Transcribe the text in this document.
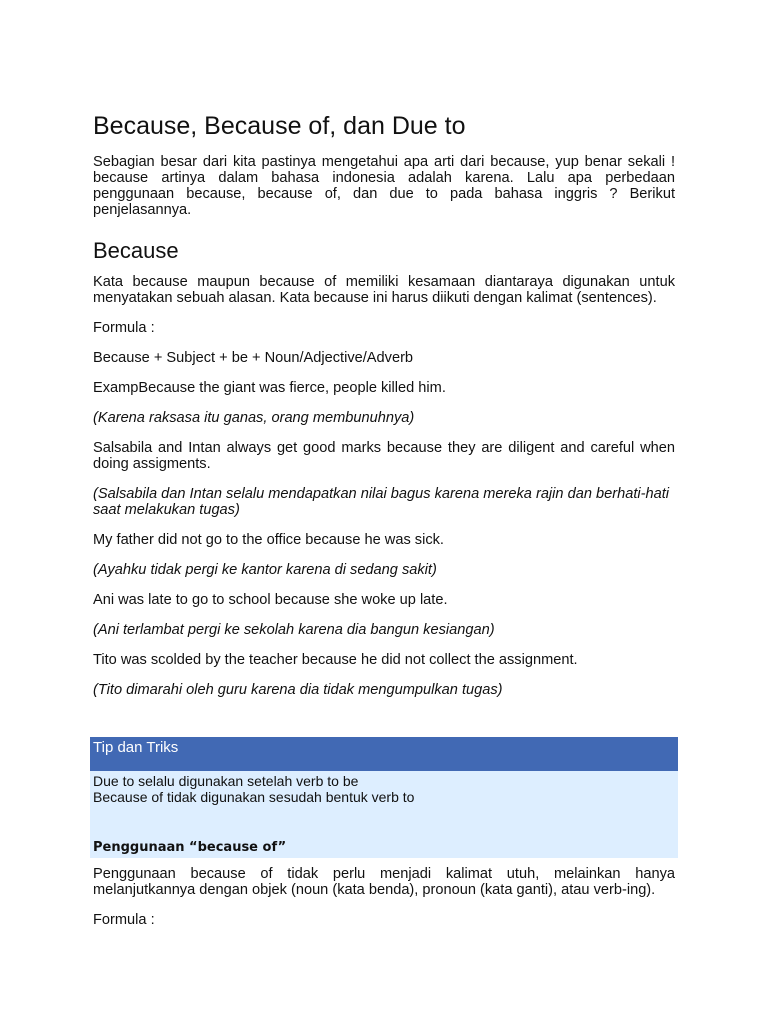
Because, Because of, dan Due to

Sebagian besar dari kita pastinya mengetahui apa arti dari because, yup benar sekali ! because artinya dalam bahasa indonesia adalah karena. Lalu apa perbedaan penggunaan because, because of, dan due to pada bahasa inggris ? Berikut penjelasannya.

Because

Kata because maupun because of memiliki kesamaan diantaraya digunakan untuk menyatakan sebuah alasan. Kata because ini harus diikuti dengan kalimat (sentences).

Formula :

Because + Subject + be + Noun/Adjective/Adverb

ExampBecause the giant was fierce, people killed him.

(Karena raksasa itu ganas, orang membunuhnya)

Salsabila and Intan always get good marks because they are diligent and careful when doing assigments.

(Salsabila dan Intan selalu mendapatkan nilai bagus karena mereka rajin dan berhati-hati saat melakukan tugas)

My father did not go to the office because he was sick.

(Ayahku tidak pergi ke kantor karena di sedang sakit)

Ani was late to go to school because she woke up late.

(Ani terlambat pergi ke sekolah karena dia bangun kesiangan)

Tito was scolded by the teacher because he did not collect the assignment.

(Tito dimarahi oleh guru karena dia tidak mengumpulkan tugas)

Tip dan Triks
Due to selalu digunakan setelah verb to be
Because of tidak digunakan sesudah bentuk verb to
Penggunaan “because of”

Penggunaan because of tidak perlu menjadi kalimat utuh, melainkan hanya melanjutkannya dengan objek (noun (kata benda), pronoun (kata ganti), atau verb-ing).

Formula :
